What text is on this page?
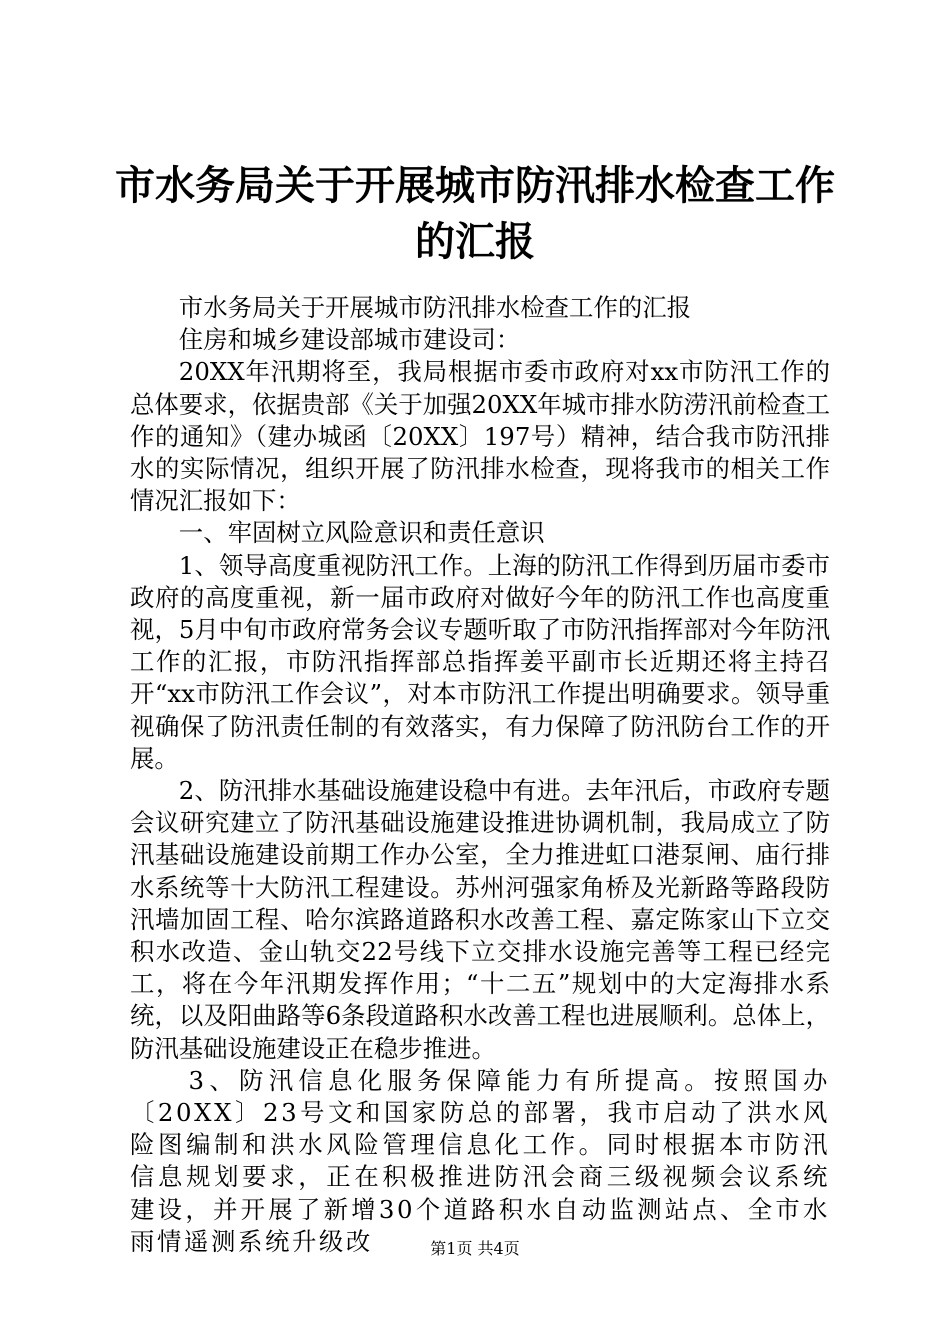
市水务局关于开展城市防汛排水检查工作的汇报

市水务局关于开展城市防汛排水检查工作的汇报

住房和城乡建设部城市建设司：

20XX年汛期将至，我局根据市委市政府对xx市防汛工作的总体要求，依据贵部《关于加强20XX年城市排水防涝汛前检查工作的通知》（建办城函〔20XX〕197号）精神，结合我市防汛排水的实际情况，组织开展了防汛排水检查，现将我市的相关工作情况汇报如下：

一、牢固树立风险意识和责任意识

1、领导高度重视防汛工作。上海的防汛工作得到历届市委市政府的高度重视，新一届市政府对做好今年的防汛工作也高度重视，5月中旬市政府常务会议专题听取了市防汛指挥部对今年防汛工作的汇报，市防汛指挥部总指挥姜平副市长近期还将主持召开“xx市防汛工作会议”，对本市防汛工作提出明确要求。领导重视确保了防汛责任制的有效落实，有力保障了防汛防台工作的开展。

2、防汛排水基础设施建设稳中有进。去年汛后，市政府专题会议研究建立了防汛基础设施建设推进协调机制，我局成立了防汛基础设施建设前期工作办公室，全力推进虹口港泵闸、庙行排水系统等十大防汛工程建设。苏州河强家角桥及光新路等路段防汛墙加固工程、哈尔滨路道路积水改善工程、嘉定陈家山下立交积水改造、金山轨交22号线下立交排水设施完善等工程已经完工，将在今年汛期发挥作用；“十二五”规划中的大定海排水系统，以及阳曲路等6条段道路积水改善工程也进展顺利。总体上，防汛基础设施建设正在稳步推进。

3、防汛信息化服务保障能力有所提高。按照国办〔20XX〕23号文和国家防总的部署，我市启动了洪水风险图编制和洪水风险管理信息化工作。同时根据本市防汛信息规划要求，正在积极推进防汛会商三级视频会议系统建设，并开展了新增30个道路积水自动监测站点、全市水雨情遥测系统升级改	第1页 共4页
